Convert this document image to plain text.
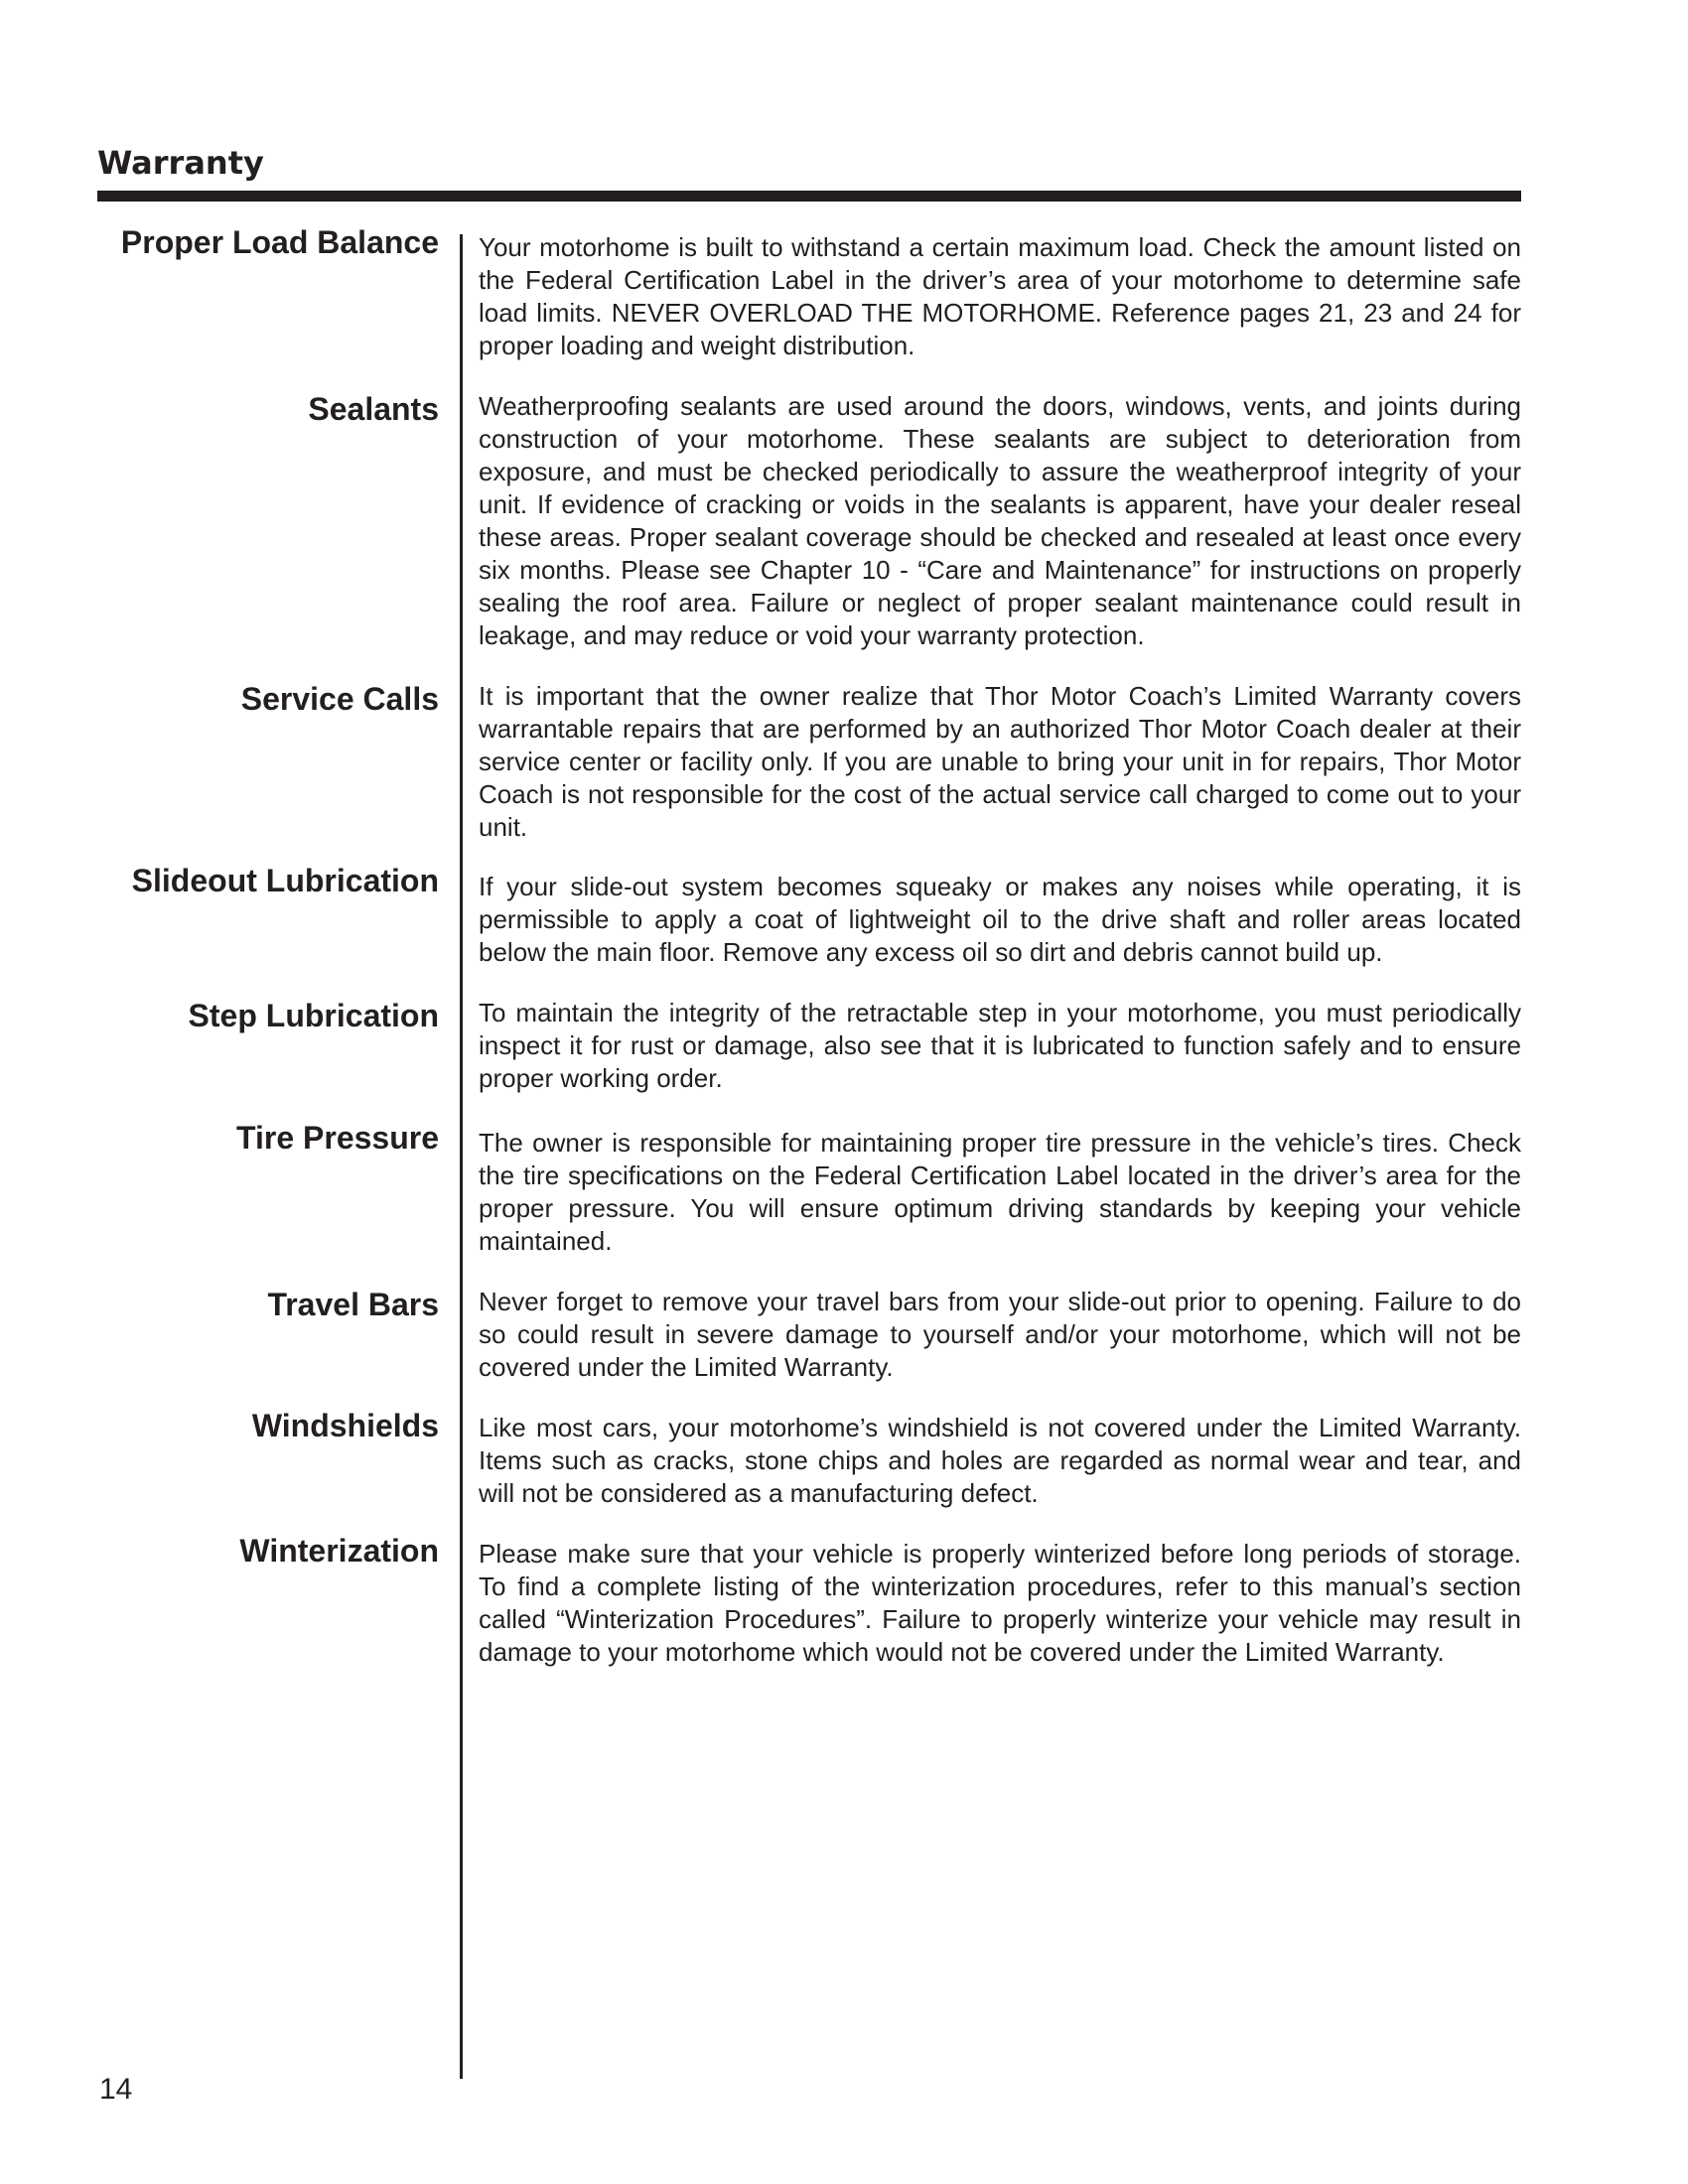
Warranty
Proper Load Balance Your motorhome is built to withstand a certain maximum load. Check the amount listed on the Federal Certification Label in the driver’s area of your motorhome to determine safe load limits. NEVER OVERLOAD THE MOTORHOME. Reference pages 21, 23 and 24 for proper loading and weight distribution.

Sealants Weatherproofing sealants are used around the doors, windows, vents, and joints during construction of your motorhome. These sealants are subject to deterioration from exposure, and must be checked periodically to assure the weatherproof integrity of your unit. If evidence of cracking or voids in the sealants is apparent, have your dealer reseal these areas. Proper sealant coverage should be checked and resealed at least once every six months. Please see Chapter 10 - “Care and Maintenance” for instructions on properly sealing the roof area. Failure or neglect of proper sealant maintenance could result in leakage, and may reduce or void your warranty protection.

Service Calls It is important that the owner realize that Thor Motor Coach’s Limited Warranty covers warrantable repairs that are performed by an authorized Thor Motor Coach dealer at their service center or facility only. If you are unable to bring your unit in for repairs, Thor Motor Coach is not responsible for the cost of the actual service call charged to come out to your unit.

Slideout Lubrication If your slide-out system becomes squeaky or makes any noises while operating, it is permissible to apply a coat of lightweight oil to the drive shaft and roller areas located below the main floor. Remove any excess oil so dirt and debris cannot build up.

Step Lubrication To maintain the integrity of the retractable step in your motorhome, you must periodically inspect it for rust or damage, also see that it is lubricated to function safely and to ensure proper working order.

Tire Pressure The owner is responsible for maintaining proper tire pressure in the vehicle’s tires. Check the tire specifications on the Federal Certification Label located in the driver’s area for the proper pressure. You will ensure optimum driving standards by keeping your vehicle maintained.

Travel Bars Never forget to remove your travel bars from your slide-out prior to opening. Failure to do so could result in severe damage to yourself and/or your motorhome, which will not be covered under the Limited Warranty.

Windshields Like most cars, your motorhome’s windshield is not covered under the Limited Warranty. Items such as cracks, stone chips and holes are regarded as normal wear and tear, and will not be considered as a manufacturing defect.

Winterization Please make sure that your vehicle is properly winterized before long periods of storage. To find a complete listing of the winterization procedures, refer to this manual’s section called “Winterization Procedures”. Failure to properly winterize your vehicle may result in damage to your motorhome which would not be covered under the Limited Warranty.

14
